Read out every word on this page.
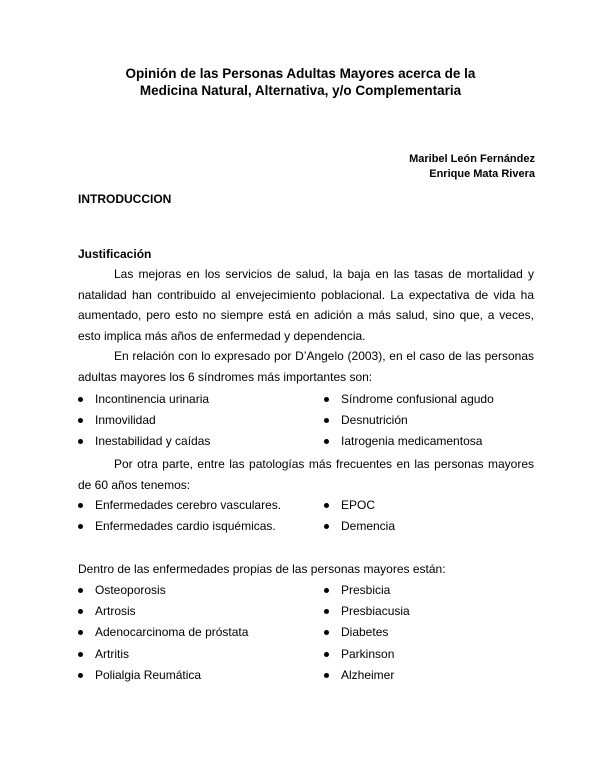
Opinión de las Personas Adultas Mayores acerca de la
Medicina Natural, Alternativa, y/o Complementaria
Maribel León Fernández
Enrique Mata Rivera
INTRODUCCION
Justificación
Las mejoras en los servicios de salud, la baja en las tasas de mortalidad y natalidad han contribuido al envejecimiento poblacional. La expectativa de vida ha aumentado, pero esto no siempre está en adición a más salud, sino que, a veces, esto implica más años de enfermedad y dependencia.
En relación con lo expresado por D’Angelo (2003), en el caso de las personas adultas mayores los 6 síndromes más importantes son:
Incontinencia urinaria	Síndrome confusional agudo
Inmovilidad	Desnutrición
Inestabilidad y caídas	Iatrogenia medicamentosa
Por otra parte, entre las patologías más frecuentes en las personas mayores de 60 años tenemos:
Enfermedades cerebro vasculares.	EPOC
Enfermedades cardio isquémicas.	Demencia
Dentro de las enfermedades propias de las personas mayores están:
Osteoporosis	Presbicia
Artrosis	Presbiacusia
Adenocarcinoma de próstata	Diabetes
Artritis	Parkinson
Polialgia Reumática	Alzheimer
